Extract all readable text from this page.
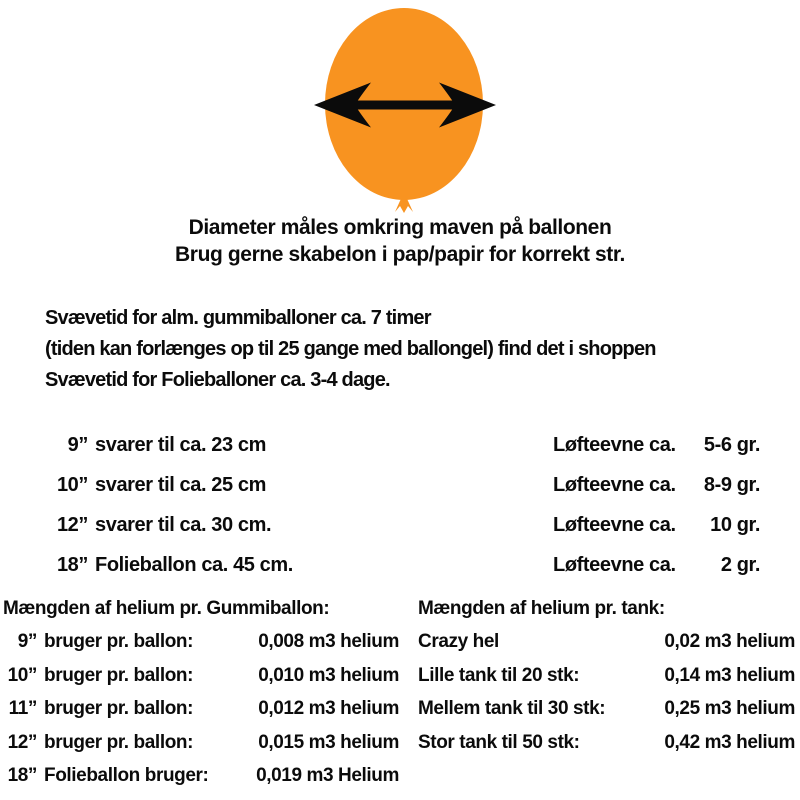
Diameter måles omkring maven på ballonen
Brug gerne skabelon i pap/papir for korrekt str.
Svævetid for alm. gummiballoner ca. 7 timer
(tiden kan forlænges op til 25 gange med ballongel) find det i shoppen
Svævetid for Folieballoner ca. 3-4 dage.
9” svarer til ca. 23 cm	Løfteevne ca. 5-6 gr.
10” svarer til ca. 25 cm	Løfteevne ca. 8-9 gr.
12” svarer til ca. 30 cm.	Løfteevne ca. 10 gr.
18” Folieballon ca. 45 cm.	Løfteevne ca. 2 gr.
Mængden af helium pr. Gummiballon:
9” bruger pr. ballon:	0,008 m3 helium
10” bruger pr. ballon:	0,010 m3 helium
11” bruger pr. ballon:	0,012 m3 helium
12” bruger pr. ballon:	0,015 m3 helium
18” Folieballon bruger:	0,019 m3 Helium
Mængden af helium pr. tank:
Crazy hel	0,02 m3 helium
Lille tank til 20 stk:	0,14 m3 helium
Mellem tank til 30 stk:	0,25 m3 helium
Stor tank til 50 stk:	0,42 m3 helium
